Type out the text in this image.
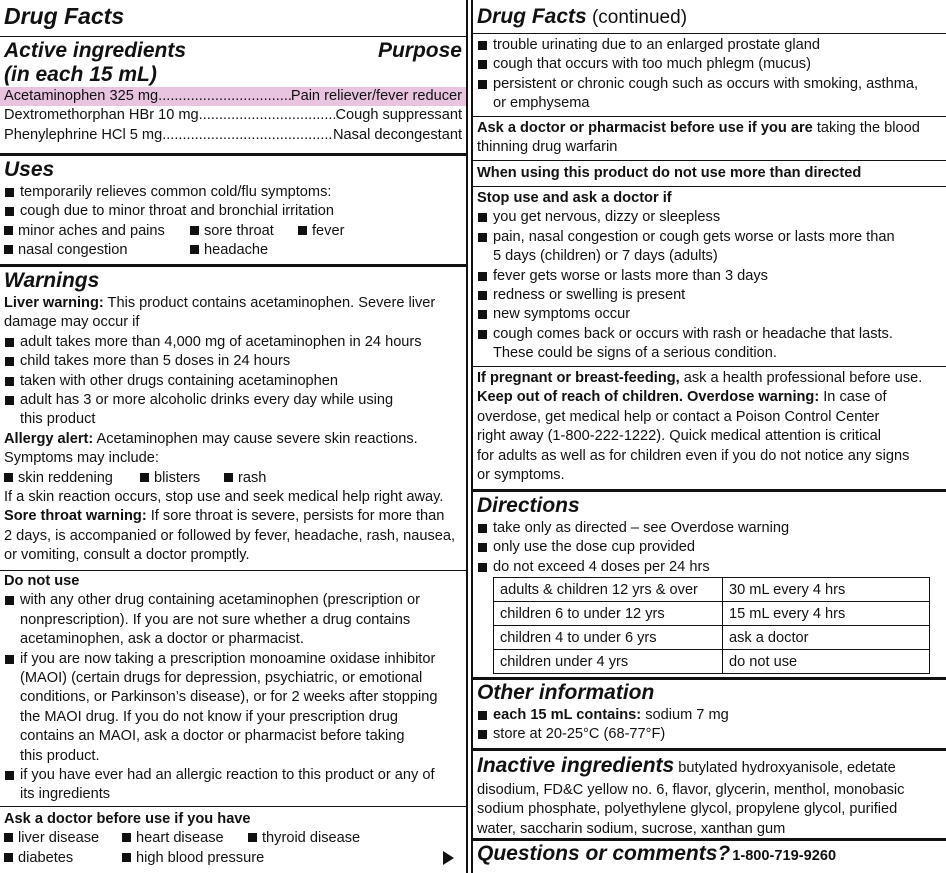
Drug Facts
Active ingredients
(in each 15 mL)
Purpose
Acetaminophen 325 mg .....	Pain reliever/fever reducer
Dextromethorphan HBr 10 mg .....	Cough suppressant
Phenylephrine HCl 5 mg .....	Nasal decongestant
Uses
temporarily relieves common cold/flu symptoms:
cough due to minor throat and bronchial irritation
minor aches and pains	sore throat	fever
nasal congestion	headache
Warnings
Liver warning: This product contains acetaminophen. Severe liver
damage may occur if
adult takes more than 4,000 mg of acetaminophen in 24 hours
child takes more than 5 doses in 24 hours
taken with other drugs containing acetaminophen
adult has 3 or more alcoholic drinks every day while using
this product
Allergy alert: Acetaminophen may cause severe skin reactions.
Symptoms may include:
skin reddening	blisters	rash
If a skin reaction occurs, stop use and seek medical help right away.
Sore throat warning: If sore throat is severe, persists for more than
2 days, is accompanied or followed by fever, headache, rash, nausea,
or vomiting, consult a doctor promptly.
Do not use
with any other drug containing acetaminophen (prescription or
nonprescription). If you are not sure whether a drug contains
acetaminophen, ask a doctor or pharmacist.
if you are now taking a prescription monoamine oxidase inhibitor
(MAOI) (certain drugs for depression, psychiatric, or emotional
conditions, or Parkinson’s disease), or for 2 weeks after stopping
the MAOI drug. If you do not know if your prescription drug
contains an MAOI, ask a doctor or pharmacist before taking
this product.
if you have ever had an allergic reaction to this product or any of
its ingredients
Ask a doctor before use if you have
liver disease	heart disease	thyroid disease
diabetes	high blood pressure
Drug Facts (continued)
trouble urinating due to an enlarged prostate gland
cough that occurs with too much phlegm (mucus)
persistent or chronic cough such as occurs with smoking, asthma,
or emphysema
Ask a doctor or pharmacist before use if you are taking the blood
thinning drug warfarin
When using this product do not use more than directed
Stop use and ask a doctor if
you get nervous, dizzy or sleepless
pain, nasal congestion or cough gets worse or lasts more than
5 days (children) or 7 days (adults)
fever gets worse or lasts more than 3 days
redness or swelling is present
new symptoms occur
cough comes back or occurs with rash or headache that lasts.
These could be signs of a serious condition.
If pregnant or breast-feeding, ask a health professional before use.
Keep out of reach of children. Overdose warning: In case of
overdose, get medical help or contact a Poison Control Center
right away (1-800-222-1222). Quick medical attention is critical
for adults as well as for children even if you do not notice any signs
or symptoms.
Directions
take only as directed – see Overdose warning
only use the dose cup provided
do not exceed 4 doses per 24 hrs
adults & children 12 yrs & over	30 mL every 4 hrs
children 6 to under 12 yrs	15 mL every 4 hrs
children 4 to under 6 yrs	ask a doctor
children under 4 yrs	do not use
Other information
each 15 mL contains: sodium 7 mg
store at 20-25°C (68-77°F)
Inactive ingredients butylated hydroxyanisole, edetate
disodium, FD&C yellow no. 6, flavor, glycerin, menthol, monobasic
sodium phosphate, polyethylene glycol, propylene glycol, purified
water, saccharin sodium, sucrose, xanthan gum
Questions or comments? 1-800-719-9260
